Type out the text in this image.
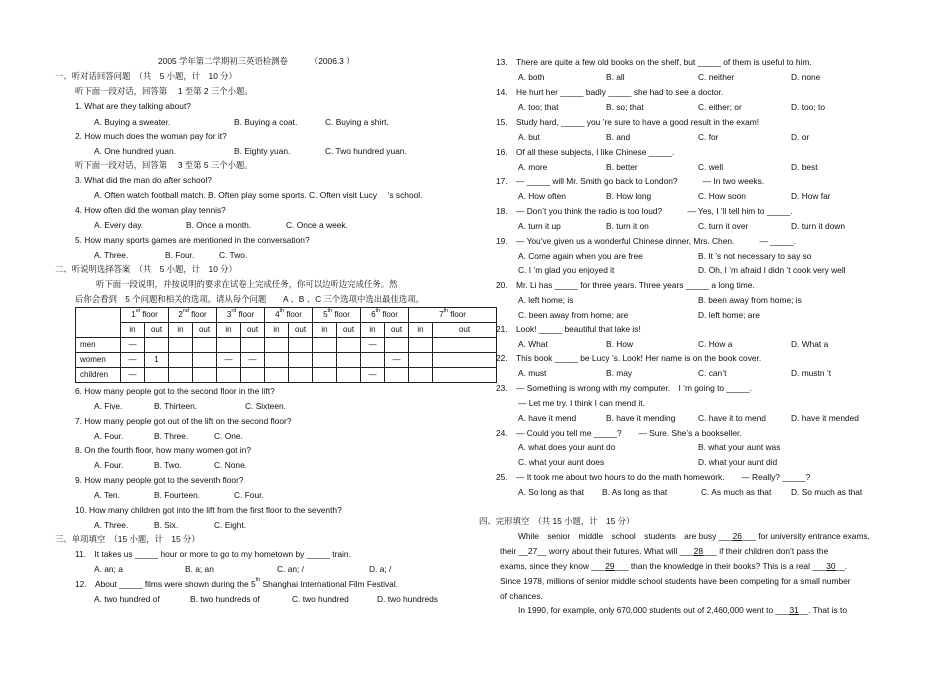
2005 学年第二学期初三英语检测卷	（2006.3 ）
一、听对话回答问题　（共　5 小题，计　10 分）
听下面一段对话，回答第　 1 至第 2 三个小题。
1. What are they talking about?
A. Buying a sweater.	B. Buying a coat.	C. Buying a shirt.
2. How much does the woman pay for it?
A. One hundred yuan.	B. Eighty yuan.	C. Two hundred yuan.
听下面一段对话，回答第　 3 至第 5 三个小题。
3. What did the man do after school?
A. Often watch football match. B. Often play some sports. C. Often visit Lucy　 ’s school.
4. How often did the woman play tennis?
A. Every day.	B. Once a month.	C. Once a week.
5. How many sports games are mentioned in the conversation?
A. Three.	B. Four.	C. Two.
二、听说明选择答案　（共　5 小题，计　10 分）
听下面一段说明，并按说明的要求在试卷上完成任务，你可以边听边完成任务。然
后你会看到　5 个问题和相关的选项。请从每个问题　　A 、B 、C 三个选项中选出最佳选项。
	1st floor		2nd floor		3rd floor		4th floor		5th floor		6th floor		7th floor	
	in	out	in	out	in	out	in	out	in	out	in	out	in	out
men	—										—			
women	—	1			—	—						—		
children	—										—			
6. How many people got to the second floor in the lift?
A. Five.	B. Thirteen.	C. Sixteen.
7. How many people got out of the lift on the second floor?
A. Four.	B. Three.	C. One.
8. On the fourth floor, how many women got in?
A. Four.	B. Two.	C. None.
9. How many people got to the seventh floor?
A. Ten.	B. Fourteen.	C. Four.
10. How many children got into the lift from the first floor to the seventh?
A. Three.	B. Six.	C. Eight.
三、单项填空　（15 小题，计　15 分）
11.　It takes us _____ hour or more to go to my hometown by _____ train.
A. an; a	B. a; an	C. an; /	D. a; /
12.　About _____ films were shown during the 5th Shanghai International Film Festival.
A. two hundred of	B. two hundreds of	C. two hundred	D. two hundreds
13.　There are quite a few old books on the shelf, but _____ of them is useful to him.
A. both	B. all	C. neither	D. none
14.　He hurt her _____ badly _____ she had to see a doctor.
A. too; that	B. so; that	C. either; or	D. too; to
15.　Study hard, _____ you ’re sure to have a good result in the exam!
A. but	B. and	C. for	D. or
16.　Of all these subjects, I like Chinese _____.
A. more	B. better	C. well	D. best
17.　— _____ will Mr. Smith go back to London?　　　— In two weeks.
A. How often	B. How long	C. How soon	D. How far
18.　— Don’t you think the radio is too loud?　　　— Yes, I ’ll tell him to _____.
A. turn it up	B. turn it on	C. turn it over	D. turn it down
19.　— You’ve given us a wonderful Chinese dinner, Mrs. Chen.　　　— _____.
A. Come again when you are free	B. It ’s not necessary to say so
C. I ’m glad you enjoyed it	D. Oh, I ’m afraid I didn ’t cook very well
20.　Mr. Li has _____ for three years. Three years _____ a long time.
A. left home; is	B. been away from home; is
C. been away from home; are	D. left home; are
21.　Look! _____ beautiful that lake is!
A. What	B. How	C. How a	D. What a
22.　This book _____ be Lucy ’s. Look! Her name is on the book cover.
A. must	B. may	C. can’t	D. mustn ’t
23.　— Something is wrong with my computer.　I ’m going to _____.
— Let me try. I think I can mend it.
A. have it mend	B. have it mending	C. have it to mend	D. have it mended
24.　— Could you tell me _____?　　— Sure. She’s a bookseller.
A. what does your aunt do	B. what your aunt was
C. what your aunt does	D. what your aunt did
25.　— It took me about two hours to do the math homework.　　— Really? _____?
A. So long as that B. As long as that	C. As much as that D. So much as that
四、完形填空　（共 15 小题，计　15 分）
While　senior　middle　school　students　are busy ___26___ for university entrance exams,
their __27__ worry about their futures. What will ___28___ if their children don’t pass the
exams, since they know ___29___ than the knowledge in their books? This is a real ___30__.
Since 1978, millions of senior middle school students have been competing for a small number
of chances.
In 1990, for example, only 670,000 students out of 2,460,000 went to ___31__. That is to
